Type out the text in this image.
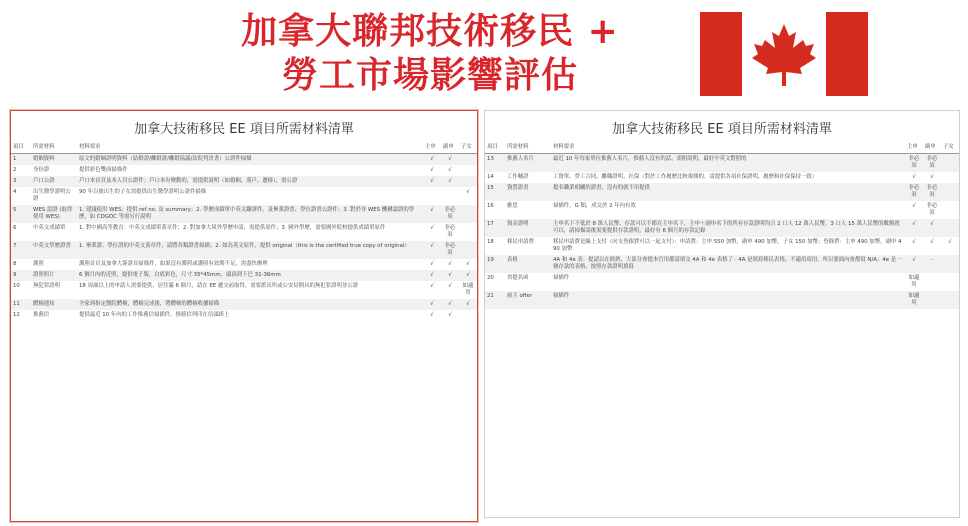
加拿大聯邦技術移民 +
勞工市場影響評估
加拿大技術移民 EE 項目所需材料清單
項目	所需材料	材料要求	主申	副申	子女
1	婚姻資料	原文的婚姻證明資料（結婚證/離婚證/離婚協議/法院判決書）公證件掃描	√	√	
2	身份證	提供彩色雙面掃描件	√	√	
3	戶口公證	戶口本首頁及本人頁公證件；戶口本有變動的，需提供說明（如婚姻、落戶、遷移），需公證	√	√	
4	出生醫學證明公證	90 年以後出生的子女需提供出生醫學證明公證件掃描			√
5	WES 認證 (取得使用 WES)	1. 建議使用 WES；提供 ref no. 及 summary；2. 學歷成績單中英文翻譯件，及畢業證書、學位證書公證件；3. 對於非 WES 機構認證的學歷，如 CDGDC 等需另行說明	√	非必須	
6	中英文成績單	1. 對中國高等教育：中英文成績單蓋章件；2. 對加拿大境外學歷申請，需提供原件；3. 國外學歷，需要國外院校提供成績單原件	√	非必須	
7	中英文學歷證書	1. 畢業證、學位證的中英文蓋章件，請將各類證書掃描；2. 如為英文原件，提供 original（this is the certified true copy of original）	√	非必須	
8	護照	護照首頁及加拿大簽證頁掃描件，如果沒有護照或護照有效期不足，需盡快辦理	√	√	√
9	證照照片	6 個月內的近照，提供電子版，白底彩色，尺寸 35*45mm，頭頂到下巴 31-36mm	√	√	√
10	無犯罪證明	18 周歲以上的申請人需要提供，居住滿 6 個月，請在 EE 遞交前取得，需要派出所或公安局開具的無犯罪證明並公證	√	√	如適用
11	體檢通知	全家到指定醫院體檢，體檢完成後，將體檢的體檢收據掃描	√	√	√
12	推薦信	提供最近 10 年內的工作推薦信掃描件，推薦信列印在信頭紙上	√	√	
加拿大技術移民 EE 項目所需材料清單
項目	所需材料	材料要求	主申	副申	子女
13	推薦人名片	最近 10 年每家單位推薦人名片，推薦人沒有的話，需附說明，最好中英文對照的	非必須	非必須	
14	工作輔證	工資單、勞工合同、離職證明、社保（對於工作履歷比較複雜的，請提供各項社保證明，履歷和社保保持一致）	√	√	
15	資質證書	提名職業相關的證書，沒有的就不用提供	非必須	非必須	
16	雅思	掃描件，G 類，成交於 2 年內有效	√	非必須	
17	資金證明	主申名下不低於 8 萬人民幣，存款可以不都在主申名下，主申＋副申名下的所有存款證明均合 2 口人 12 萬人民幣，3 口人 15 萬人民幣的數額就可以，請掃描請後需要提供存款證明，最好有 6 個月的存款記錄	√	√	
18	移民申請費	移民申請費是線上支付（向支登銀費可以一起支付）：申請費：主申 550 加幣，副申 490 加幣，子女 150 加幣；登錄費：主申 490 加幣，副申 490 加幣	√	√	√
19	表格	4A 和 4e 表：提請以在經熟，大部分會提本官用都請填交 4A 和 4e 表格了：4A 是填寫移民表格，不適用項用，所以要面內會都寫 N/A；4e 是一個存款的表格，按照存款證明填寫	√	-	
20	省提名函	掃描件	如適用		
21	雇主 offer	掃描件	如適用		
